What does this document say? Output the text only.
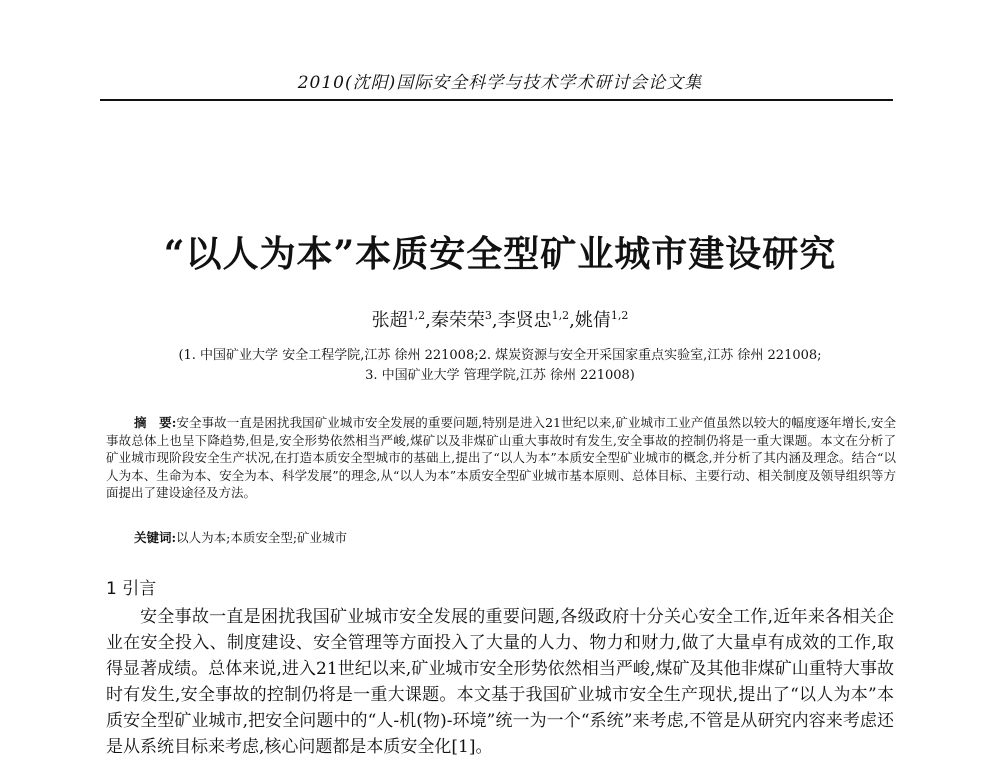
2010(沈阳)国际安全科学与技术学术研讨会论文集
“以人为本”本质安全型矿业城市建设研究
张超$^{1,2}$,秦荣荣$^3$,李贤忠$^{1,2}$,姚倩$^{1,2}$
(1. 中国矿业大学 安全工程学院,江苏 徐州 221008;2. 煤炭资源与安全开采国家重点实验室,江苏 徐州 221008;
3. 中国矿业大学 管理学院,江苏 徐州 221008)
摘　要:安全事故一直是困扰我国矿业城市安全发展的重要问题,特别是进入21世纪以来,矿业城市工业产值虽然以较大的幅度逐年增长,安全事故总体上也呈下降趋势,但是,安全形势依然相当严峻,煤矿以及非煤矿山重大事故时有发生,安全事故的控制仍将是一重大课题。本文在分析了矿业城市现阶段安全生产状况,在打造本质安全型城市的基础上,提出了“以人为本”本质安全型矿业城市的概念,并分析了其内涵及理念。结合“以人为本、生命为本、安全为本、科学发展”的理念,从“以人为本”本质安全型矿业城市基本原则、总体目标、主要行动、相关制度及领导组织等方面提出了建设途径及方法。
关键词:以人为本;本质安全型;矿业城市
1 引言
安全事故一直是困扰我国矿业城市安全发展的重要问题,各级政府十分关心安全工作,近年来各相关企业在安全投入、制度建设、安全管理等方面投入了大量的人力、物力和财力,做了大量卓有成效的工作,取得显著成绩。总体来说,进入21世纪以来,矿业城市安全形势依然相当严峻,煤矿及其他非煤矿山重特大事故时有发生,安全事故的控制仍将是一重大课题。本文基于我国矿业城市安全生产现状,提出了“以人为本”本质安全型矿业城市,把安全问题中的“人-机(物)-环境”统一为一个“系统”来考虑,不管是从研究内容来考虑还是从系统目标来考虑,核心问题都是本质安全化[1]。
